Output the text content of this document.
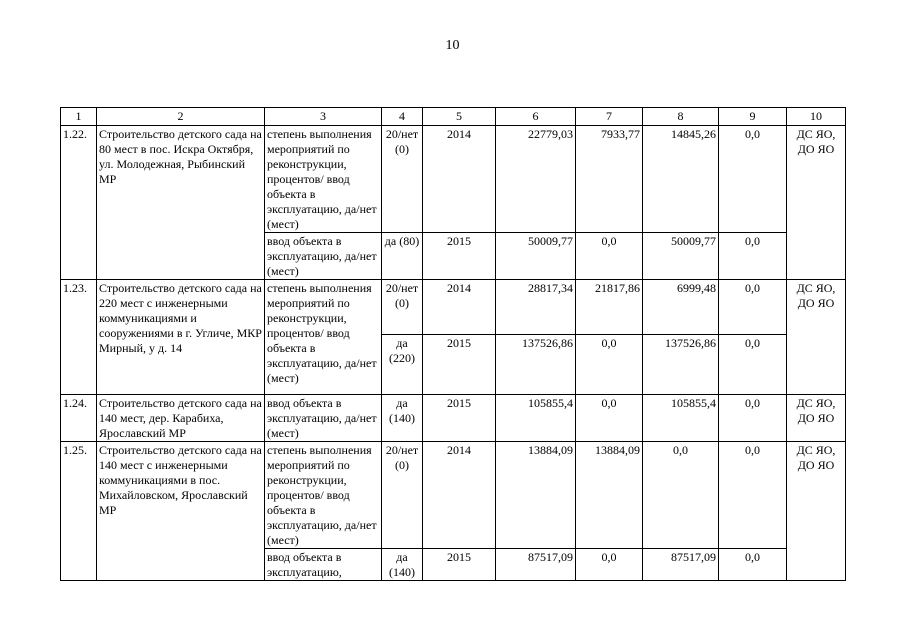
10
1	2	3	4	5	6	7	8	9	10
1.22.	Строительство детского сада на 80 мест в пос. Искра Октября, ул. Молодежная, Рыбинский МР	степень выполнения мероприятий по реконструкции, процентов/ ввод объекта в эксплуатацию, да/нет (мест)	20/нет (0)	2014	22779,03	7933,77	14845,26	0,0	ДС ЯО, ДО ЯО
		ввод объекта в эксплуатацию, да/нет (мест)	да (80)	2015	50009,77	0,0	50009,77	0,0	
1.23.	Строительство детского сада на 220 мест с инженерными коммуникациями и сооружениями в г. Угличе, МКР Мирный, у д. 14	степень выполнения мероприятий по реконструкции, процентов/ ввод объекта в эксплуатацию, да/нет (мест)	20/нет (0)	2014	28817,34	21817,86	6999,48	0,0	ДС ЯО, ДО ЯО
			да (220)	2015	137526,86	0,0	137526,86	0,0	
1.24.	Строительство детского сада на 140 мест, дер. Карабиха, Ярославский МР	ввод объекта в эксплуатацию, да/нет (мест)	да (140)	2015	105855,4	0,0	105855,4	0,0	ДС ЯО, ДО ЯО
1.25.	Строительство детского сада на 140 мест с инженерными коммуникациями в пос. Михайловском, Ярославский МР	степень выполнения мероприятий по реконструкции, процентов/ ввод объекта в эксплуатацию, да/нет (мест)	20/нет (0)	2014	13884,09	13884,09	0,0	0,0	ДС ЯО, ДО ЯО
		ввод объекта в эксплуатацию,	да (140)	2015	87517,09	0,0	87517,09	0,0	
